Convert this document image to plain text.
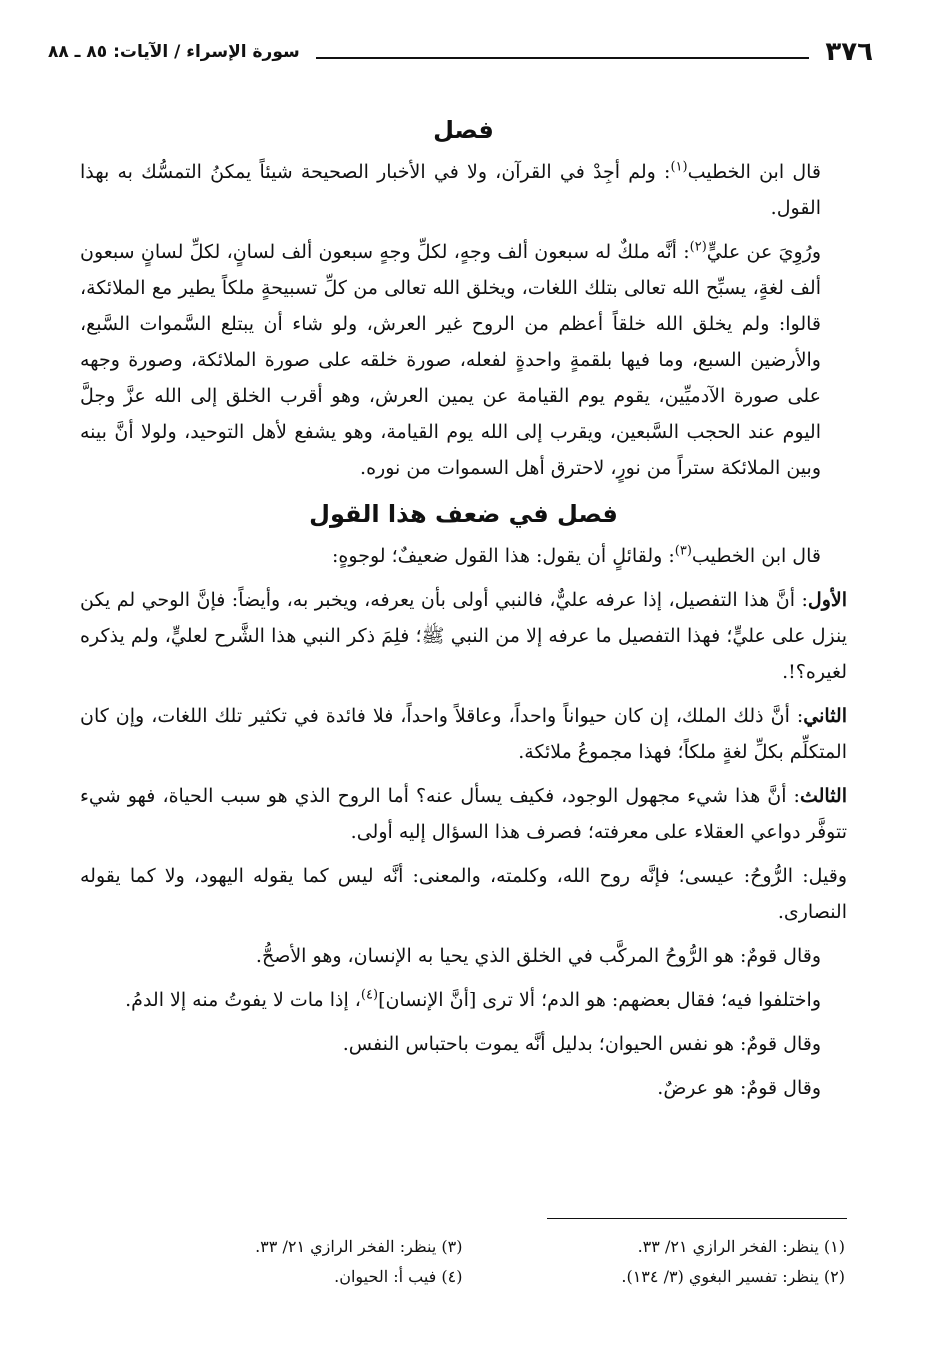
٣٧٦
سورة الإسراء / الآيات: ٨٥ ـ ٨٨
فصل

قال ابن الخطيب$^{(١)}$: ولم أجِدْ في القرآن، ولا في الأخبار الصحيحة شيئاً يمكنُ التمسُّك به بهذا القول.

ورُوِيَ عن عليٍّ$^{(٢)}$: أنَّه ملكٌ له سبعون ألف وجهٍ، لكلِّ وجهٍ سبعون ألف لسانٍ، لكلِّ لسانٍ سبعون ألف لغةٍ، يسبِّح الله تعالى بتلك اللغات، ويخلق الله تعالى من كلِّ تسبيحةٍ ملكاً يطير مع الملائكة، قالوا: ولم يخلق الله خلقاً أعظم من الروح غير العرش، ولو شاء أن يبتلع السَّموات السَّبع، والأرضين السبع، وما فيها بلقمةٍ واحدةٍ لفعله، صورة خلقه على صورة الملائكة، وصورة وجهه على صورة الآدميِّين، يقوم يوم القيامة عن يمين العرش، وهو أقرب الخلق إلى الله عزَّ وجلَّ اليوم عند الحجب السَّبعين، ويقرب إلى الله يوم القيامة، وهو يشفع لأهل التوحيد، ولولا أنَّ بينه وبين الملائكة ستراً من نورٍ، لاحترق أهل السموات من نوره.

فصل في ضعف هذا القول

قال ابن الخطيب$^{(٣)}$: ولقائلٍ أن يقول: هذا القول ضعيفٌ؛ لوجوهٍ:

الأول: أنَّ هذا التفصيل، إذا عرفه عليٌّ، فالنبي أولى بأن يعرفه، ويخبر به، وأيضاً: فإنَّ الوحي لم يكن ينزل على عليٍّ؛ فهذا التفصيل ما عرفه إلا من النبي ﷺ؛ فلِمَ ذكر النبي هذا الشَّرح لعليٍّ، ولم يذكره لغيره؟!.

الثاني: أنَّ ذلك الملك، إن كان حيواناً واحداً، وعاقلاً واحداً، فلا فائدة في تكثير تلك اللغات، وإن كان المتكلِّم بكلِّ لغةٍ ملكاً؛ فهذا مجموعُ ملائكة.

الثالث: أنَّ هذا شيء مجهول الوجود، فكيف يسأل عنه؟ أما الروح الذي هو سبب الحياة، فهو شيء تتوفَّر دواعي العقلاء على معرفته؛ فصرف هذا السؤال إليه أولى.

وقيل: الرُّوحُ: عيسى؛ فإنَّه روح الله، وكلمته، والمعنى: أنَّه ليس كما يقوله اليهود، ولا كما يقوله النصارى.

وقال قومٌ: هو الرُّوحُ المركَّب في الخلق الذي يحيا به الإنسان، وهو الأصحُّ.

واختلفوا فيه؛ فقال بعضهم: هو الدم؛ ألا ترى [أنَّ الإنسان]$^{(٤)}$، إذا مات لا يفوتُ منه إلا الدمُ.

وقال قومٌ: هو نفس الحيوان؛ بدليل أنَّه يموت باحتباس النفس.

وقال قومٌ: هو عرضٌ.

(١) ينظر: الفخر الرازي ٢١/ ٣٣.

(٢) ينظر: تفسير البغوي (٣/ ١٣٤).

(٣) ينظر: الفخر الرازي ٢١/ ٣٣.

(٤) فيب أ: الحيوان.
